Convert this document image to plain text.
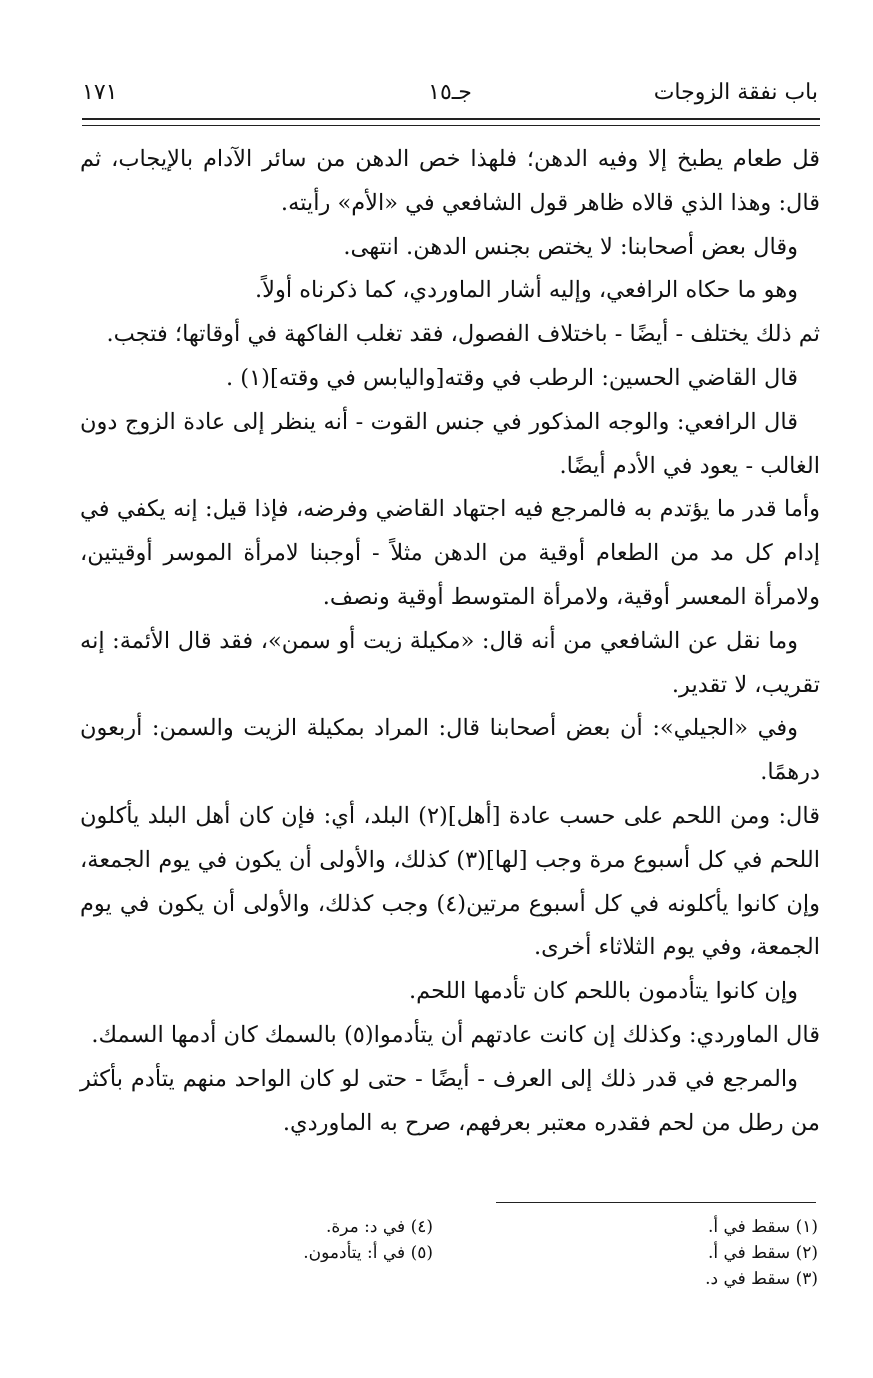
باب نفقة الزوجات
جـ١٥
١٧١

قل طعام يطبخ إلا وفيه الدهن؛ فلهذا خص الدهن من سائر الآدام بالإيجاب، ثم قال: وهذا الذي قالاه ظاهر قول الشافعي في «الأم» رأيته.

وقال بعض أصحابنا: لا يختص بجنس الدهن. انتهى.

وهو ما حكاه الرافعي، وإليه أشار الماوردي، كما ذكرناه أولاً.

ثم ذلك يختلف - أيضًا - باختلاف الفصول، فقد تغلب الفاكهة في أوقاتها؛ فتجب.

قال القاضي الحسين: الرطب في وقته[واليابس في وقته](١) .

قال الرافعي: والوجه المذكور في جنس القوت - أنه ينظر إلى عادة الزوج دون الغالب - يعود في الأدم أيضًا.

وأما قدر ما يؤتدم به فالمرجع فيه اجتهاد القاضي وفرضه، فإذا قيل: إنه يكفي في إدام كل مد من الطعام أوقية من الدهن مثلاً - أوجبنا لامرأة الموسر أوقيتين، ولامرأة المعسر أوقية، ولامرأة المتوسط أوقية ونصف.

وما نقل عن الشافعي من أنه قال: «مكيلة زيت أو سمن»، فقد قال الأئمة: إنه تقريب، لا تقدير.

وفي «الجيلي»: أن بعض أصحابنا قال: المراد بمكيلة الزيت والسمن: أربعون درهمًا.

قال: ومن اللحم على حسب عادة [أهل](٢) البلد، أي: فإن كان أهل البلد يأكلون اللحم في كل أسبوع مرة وجب [لها](٣) كذلك، والأولى أن يكون في يوم الجمعة، وإن كانوا يأكلونه في كل أسبوع مرتين(٤) وجب كذلك، والأولى أن يكون في يوم الجمعة، وفي يوم الثلاثاء أخرى.

وإن كانوا يتأدمون باللحم كان تأدمها اللحم.

قال الماوردي: وكذلك إن كانت عادتهم أن يتأدموا(٥) بالسمك كان أدمها السمك.

والمرجع في قدر ذلك إلى العرف - أيضًا - حتى لو كان الواحد منهم يتأدم بأكثر من رطل من لحم فقدره معتبر بعرفهم، صرح به الماوردي.

(١) سقط في أ.
(٢) سقط في أ.
(٣) سقط في د.
(٤) في د: مرة.
(٥) في أ: يتأدمون.
